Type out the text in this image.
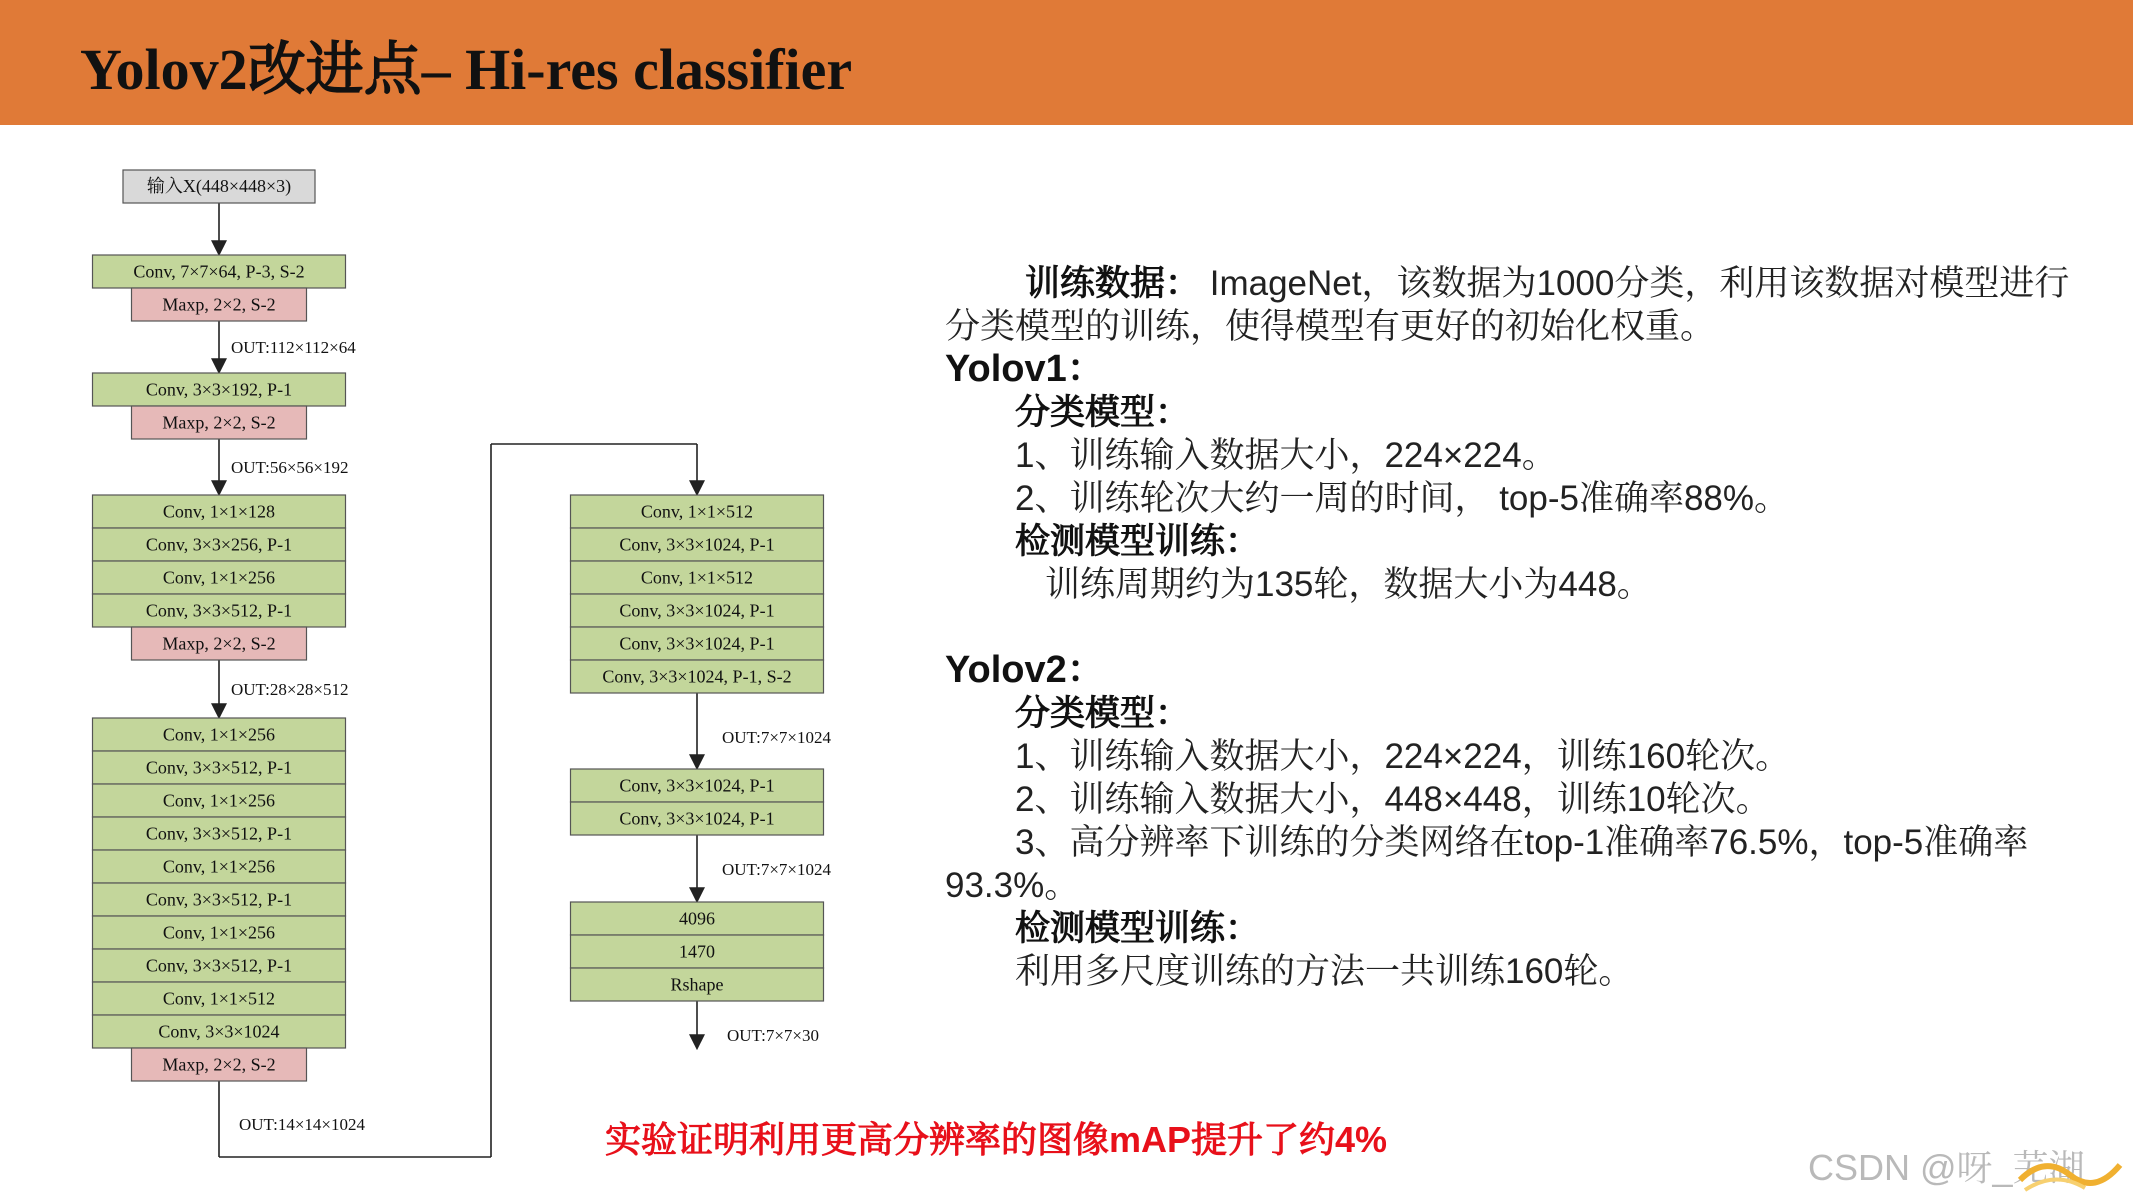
Yolov2改进点– Hi-res classifier
输入X(448×448×3)
Conv, 7×7×64, P-3, S-2
Maxp, 2×2, S-2
Conv, 3×3×192, P-1
Maxp, 2×2, S-2
Conv, 1×1×128
Conv, 3×3×256, P-1
Conv, 1×1×256
Conv, 3×3×512, P-1
Maxp, 2×2, S-2
Conv, 1×1×256
Conv, 3×3×512, P-1
Conv, 1×1×256
Conv, 3×3×512, P-1
Conv, 1×1×256
Conv, 3×3×512, P-1
Conv, 1×1×256
Conv, 3×3×512, P-1
Conv, 1×1×512
Conv, 3×3×1024
Maxp, 2×2, S-2
OUT:112×112×64
OUT:56×56×192
OUT:28×28×512
OUT:14×14×1024
Conv, 1×1×512
Conv, 3×3×1024, P-1
Conv, 1×1×512
Conv, 3×3×1024, P-1
Conv, 3×3×1024, P-1
Conv, 3×3×1024, P-1, S-2
Conv, 3×3×1024, P-1
Conv, 3×3×1024, P-1
4096
1470
Rshape
OUT:7×7×1024
OUT:7×7×1024
OUT:7×7×30
训练数据： ImageNet，该数据为1000分类，利用该数据对模型进行分类模型的训练，使得模型有更好的初始化权重。
Yolov1：
分类模型：
1、训练输入数据大小，224×224。
2、训练轮次大约一周的时间， top-5准确率88%。
检测模型训练：
训练周期约为135轮，数据大小为448。
Yolov2：
分类模型：
1、训练输入数据大小，224×224，训练160轮次。
2、训练输入数据大小，448×448，训练10轮次。
3、高分辨率下训练的分类网络在top-1准确率76.5%，top-5准确率
93.3%。
检测模型训练：
利用多尺度训练的方法一共训练160轮。
实验证明利用更高分辨率的图像mAP提升了约4%
CSDN @呀_芜湖
